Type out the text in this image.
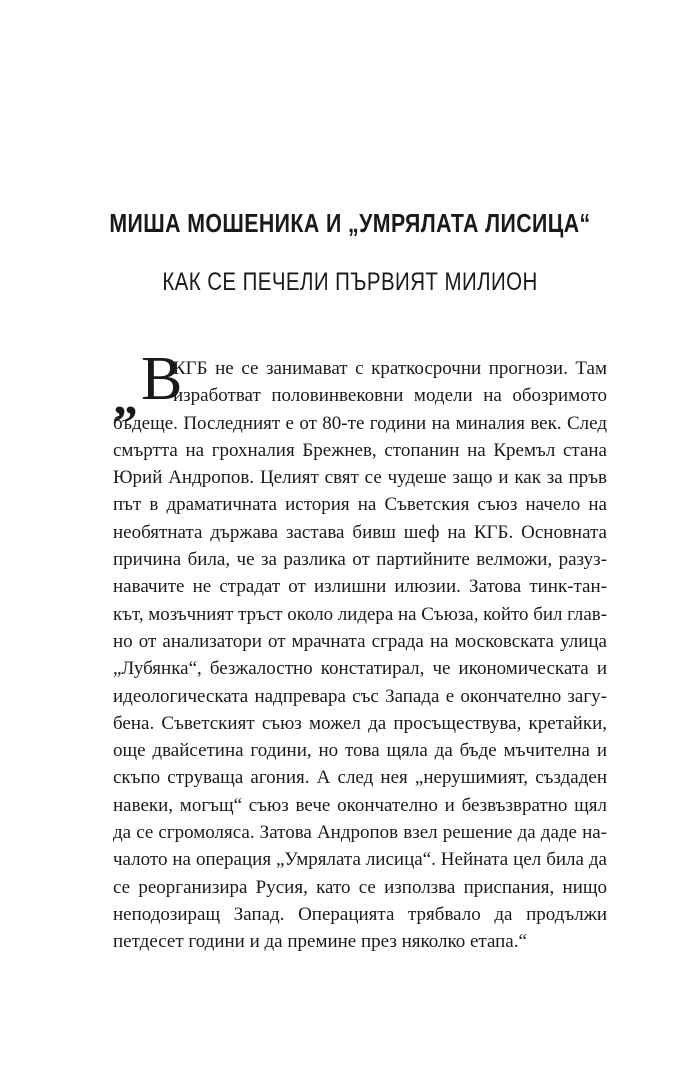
МИША МОШЕНИКА И „УМРЯЛАТА ЛИСИЦА“
КАК СЕ ПЕЧЕЛИ ПЪРВИЯТ МИЛИОН
„ В
КГБ не се занимават с краткосрочни прогнози. Там
изработват половинвековни модели на обозримото
бъдеще. Последният е от 80-те години на миналия век. След
смъртта на грохналия Брежнев, стопанин на Кремъл стана
Юрий Андропов. Целият свят се чудеше защо и как за пръв
път в драматичната история на Съветския съюз начело на
необятната държава застава бивш шеф на КГБ. Основната
причина била, че за разлика от партийните велможи, разуз-
навачите не страдат от излишни илюзии. Затова тинк-тан-
кът, мозъчният тръст около лидера на Съюза, който бил глав-
но от анализатори от мрачната сграда на московската улица
„Лубянка“, безжалостно констатирал, че икономическата и
идеологическата надпревара със Запада е окончателно загу-
бена. Съветският съюз можел да просъществува, кретайки,
още двайсетина години, но това щяла да бъде мъчителна и
скъпо струваща агония. А след нея „нерушимият, създаден
навеки, могъщ“ съюз вече окончателно и безвъзвратно щял
да се сгромоляса. Затова Андропов взел решение да даде на-
чалото на операция „Умрялата лисица“. Нейната цел била да
се реорганизира Русия, като се използва приспания, нищо
неподозиращ Запад. Операцията трябвало да продължи
петдесет години и да премине през няколко етапа.“
